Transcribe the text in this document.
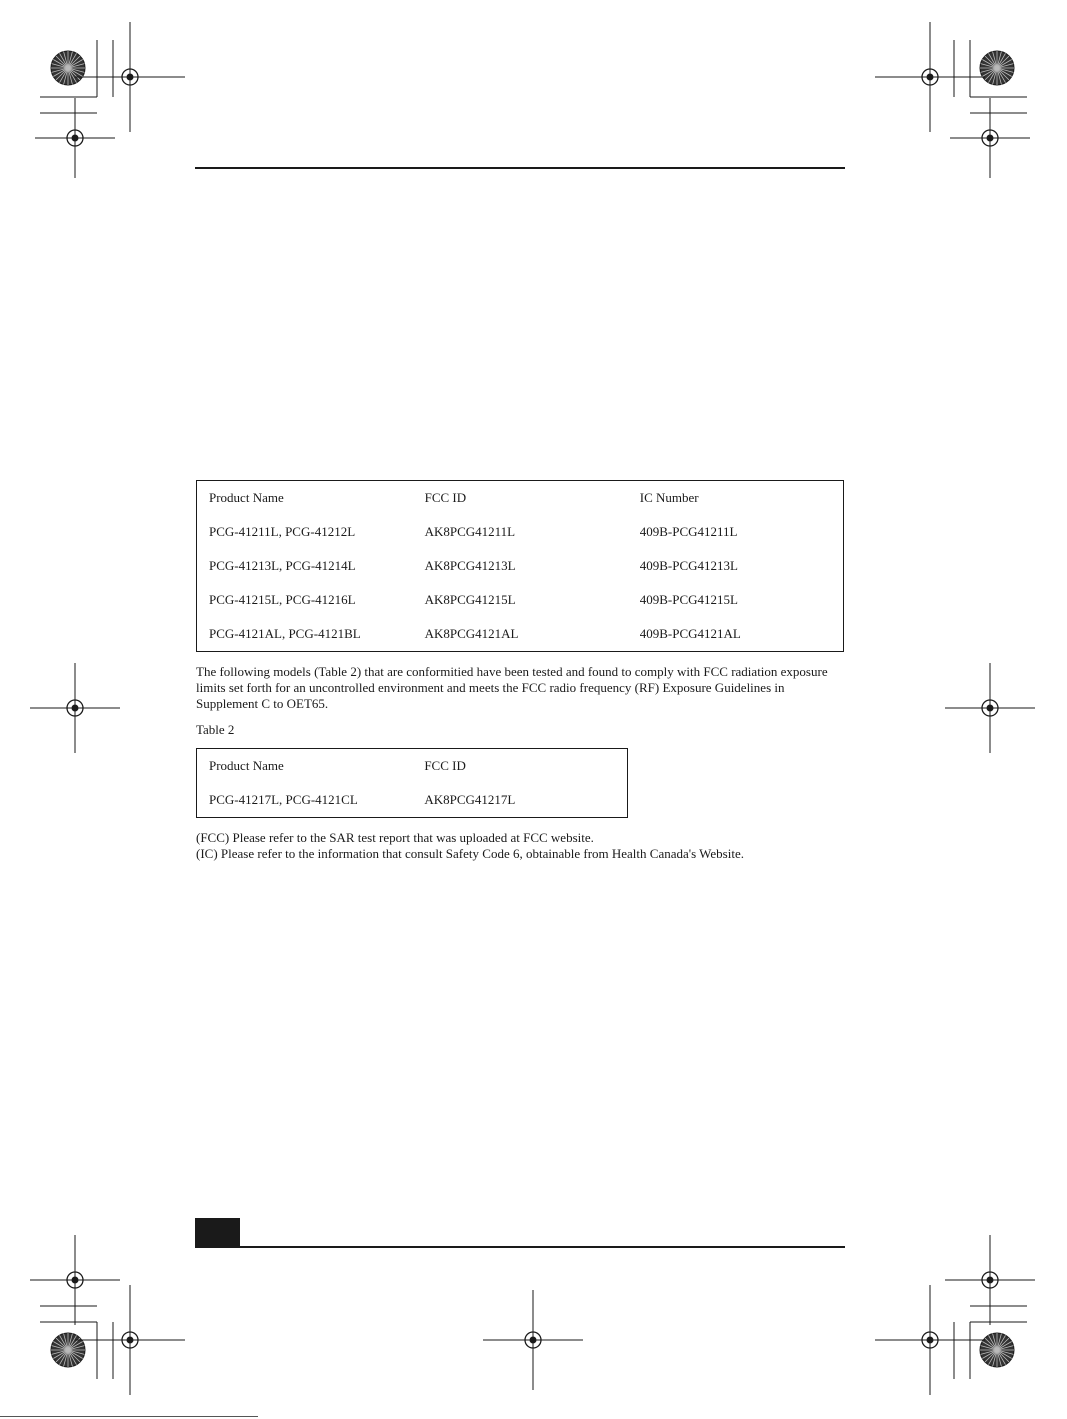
Product Name	FCC ID	IC Number
PCG-41211L, PCG-41212L	AK8PCG41211L	409B-PCG41211L
PCG-41213L, PCG-41214L	AK8PCG41213L	409B-PCG41213L
PCG-41215L, PCG-41216L	AK8PCG41215L	409B-PCG41215L
PCG-4121AL, PCG-4121BL	AK8PCG4121AL	409B-PCG4121AL

The following models (Table 2) that are conformitied have been tested and found to comply with FCC radiation exposure limits set forth for an uncontrolled environment and meets the FCC radio frequency (RF) Exposure Guidelines in Supplement C to OET65.

Table 2

Product Name	FCC ID
PCG-41217L, PCG-4121CL	AK8PCG41217L

(FCC) Please refer to the SAR test report that was uploaded at FCC website.
(IC) Please refer to the information that consult Safety Code 6, obtainable from Health Canada's Website.
